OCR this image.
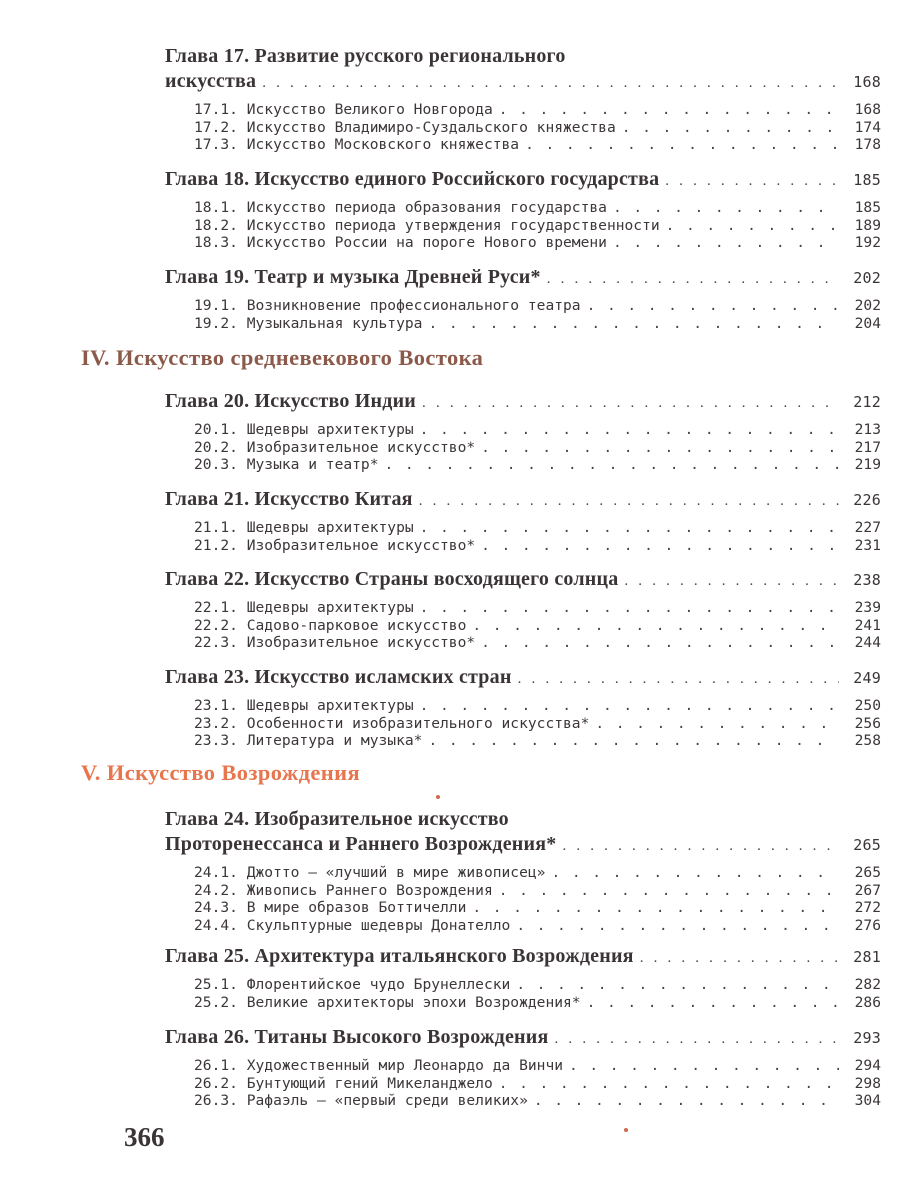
IV. Искусство средневекового Востока
V. Искусство Возрождения
366
Глава 17. Развитие русского регионального
искусства . . .	168
17.1. Искусство Великого Новгорода . . .	168
17.2. Искусство Владимиро-Суздальского княжества . . .	174
17.3. Искусство Московского княжества . . .	178
Глава 18. Искусство единого Российского государства . . .	185
18.1. Искусство периода образования государства . . .	185
18.2. Искусство периода утверждения государственности . . .	189
18.3. Искусство России на пороге Нового времени . . .	192
Глава 19. Театр и музыка Древней Руси* . . .	202
19.1. Возникновение профессионального театра . . .	202
19.2. Музыкальная культура . . .	204
Глава 20. Искусство Индии . . .	212
20.1. Шедевры архитектуры . . .	213
20.2. Изобразительное искусство* . . .	217
20.3. Музыка и театр* . . .	219
Глава 21. Искусство Китая . . .	226
21.1. Шедевры архитектуры . . .	227
21.2. Изобразительное искусство* . . .	231
Глава 22. Искусство Страны восходящего солнца . . .	238
22.1. Шедевры архитектуры . . .	239
22.2. Садово-парковое искусство . . .	241
22.3. Изобразительное искусство* . . .	244
Глава 23. Искусство исламских стран . . .	249
23.1. Шедевры архитектуры . . .	250
23.2. Особенности изобразительного искусства* . . .	256
23.3. Литература и музыка* . . .	258
Глава 24. Изобразительное искусство
Проторенессанса и Раннего Возрождения* . . .	265
24.1. Джотто — «лучший в мире живописец» . . .	265
24.2. Живопись Раннего Возрождения . . .	267
24.3. В мире образов Боттичелли . . .	272
24.4. Скульптурные шедевры Донателло . . .	276
Глава 25. Архитектура итальянского Возрождения . . .	281
25.1. Флорентийское чудо Брунеллески . . .	282
25.2. Великие архитекторы эпохи Возрождения* . . .	286
Глава 26. Титаны Высокого Возрождения . . .	293
26.1. Художественный мир Леонардо да Винчи . . .	294
26.2. Бунтующий гений Микеланджело . . .	298
26.3. Рафаэль — «первый среди великих» . . .	304
